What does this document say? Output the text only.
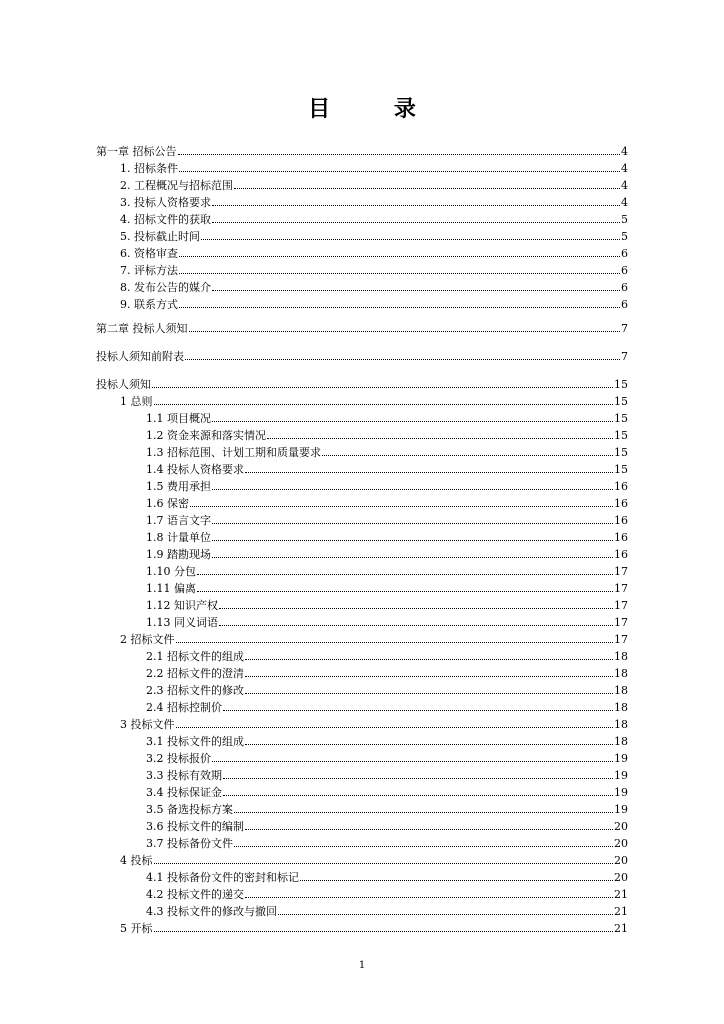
目 录
第一章 招标公告	4
1. 招标条件	4
2. 工程概况与招标范围	4
3. 投标人资格要求	4
4. 招标文件的获取	5
5. 投标截止时间	5
6. 资格审查	6
7. 评标方法	6
8. 发布公告的媒介	6
9. 联系方式	6
第二章 投标人须知	7
投标人须知前附表	7
投标人须知	15
1 总则	15
1.1 项目概况	15
1.2 资金来源和落实情况	15
1.3 招标范围、计划工期和质量要求	15
1.4 投标人资格要求	15
1.5 费用承担	16
1.6 保密	16
1.7 语言文字	16
1.8 计量单位	16
1.9 踏勘现场	16
1.10 分包	17
1.11 偏离	17
1.12 知识产权	17
1.13 同义词语	17
2 招标文件	17
2.1 招标文件的组成	18
2.2 招标文件的澄清	18
2.3 招标文件的修改	18
2.4 招标控制价	18
3 投标文件	18
3.1 投标文件的组成	18
3.2 投标报价	19
3.3 投标有效期	19
3.4 投标保证金	19
3.5 备选投标方案	19
3.6 投标文件的编制	20
3.7 投标备份文件	20
4 投标	20
4.1 投标备份文件的密封和标记	20
4.2 投标文件的递交	21
4.3 投标文件的修改与撤回	21
5 开标	21
1
